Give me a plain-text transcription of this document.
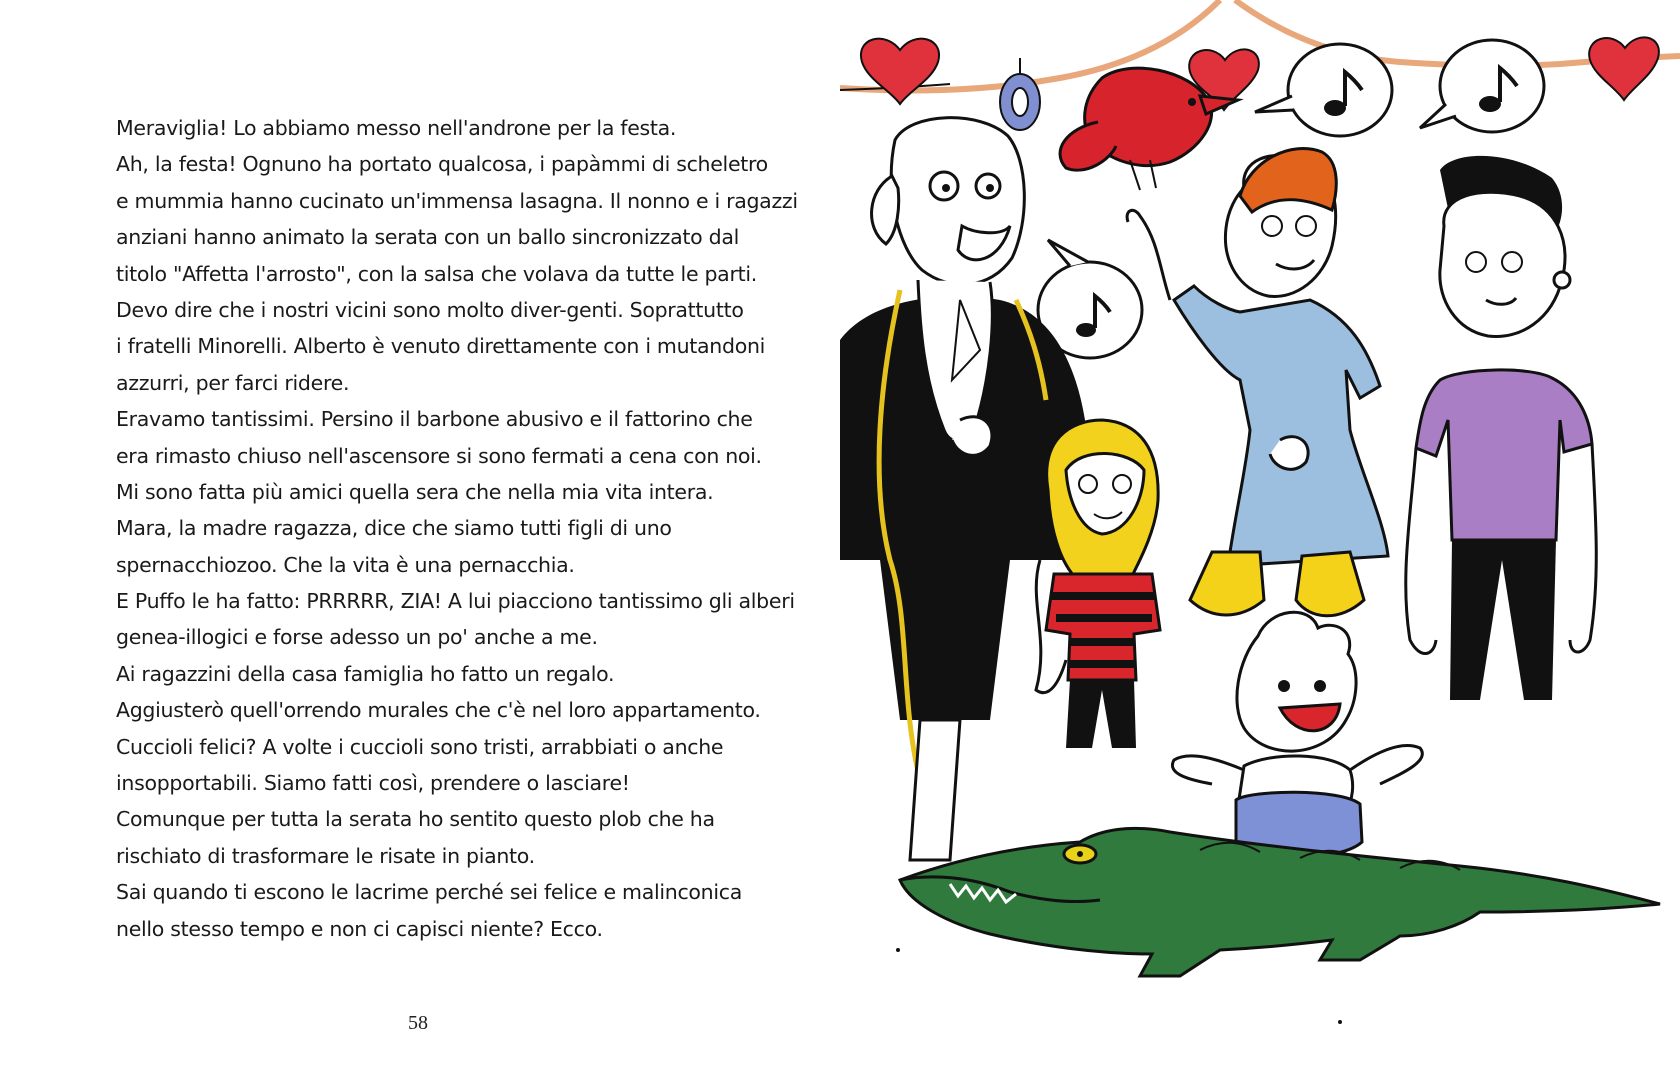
Meraviglia! Lo abbiamo messo nell'androne per la festa.
Ah, la festa! Ognuno ha portato qualcosa, i papàmmi di scheletro
e mummia hanno cucinato un'immensa lasagna. Il nonno e i ragazzi
anziani hanno animato la serata con un ballo sincronizzato dal
titolo "Affetta l'arrosto", con la salsa che volava da tutte le parti.
Devo dire che i nostri vicini sono molto diver-genti. Soprattutto
i fratelli Minorelli. Alberto è venuto direttamente con i mutandoni
azzurri, per farci ridere.
Eravamo tantissimi. Persino il barbone abusivo e il fattorino che
era rimasto chiuso nell'ascensore si sono fermati a cena con noi.
Mi sono fatta più amici quella sera che nella mia vita intera.
Mara, la madre ragazza, dice che siamo tutti figli di uno
spernacchiozoo. Che la vita è una pernacchia.
E Puffo le ha fatto: PRRRRR, ZIA! A lui piacciono tantissimo gli alberi
genea-illogici e forse adesso un po' anche a me.
Ai ragazzini della casa famiglia ho fatto un regalo.
Aggiusterò quell'orrendo murales che c'è nel loro appartamento.
Cuccioli felici? A volte i cuccioli sono tristi, arrabbiati o anche
insopportabili. Siamo fatti così, prendere o lasciare!
Comunque per tutta la serata ho sentito questo plob che ha
rischiato di trasformare le risate in pianto.
Sai quando ti escono le lacrime perché sei felice e malinconica
nello stesso tempo e non ci capisci niente? Ecco.
58
